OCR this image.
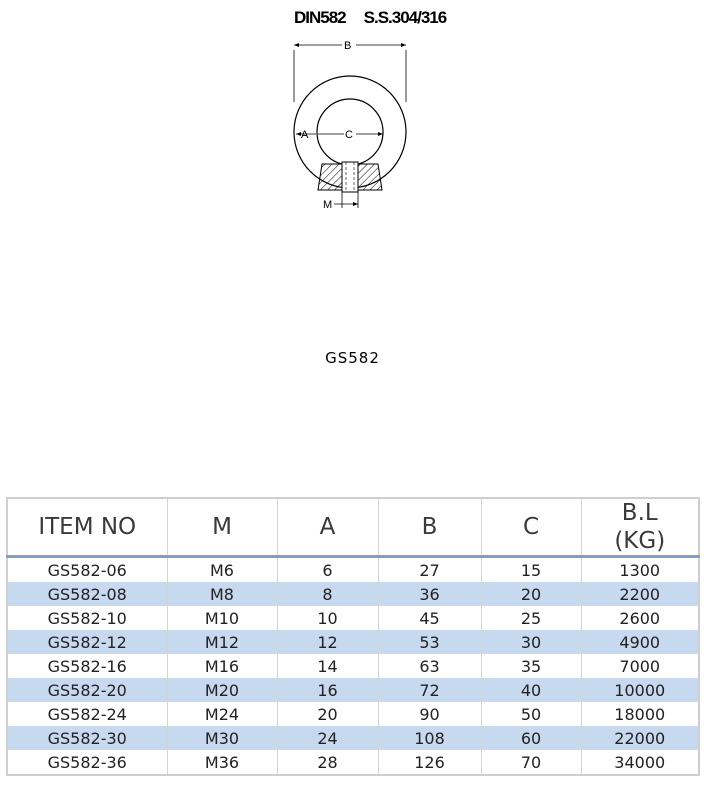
DIN582 S.S.304/316
B
A	C
M
GS582
ITEM NO	M	A	B	C	B.L
(KG)
GS582-06	M6	6	27	15	1300
GS582-08	M8	8	36	20	2200
GS582-10	M10	10	45	25	2600
GS582-12	M12	12	53	30	4900
GS582-16	M16	14	63	35	7000
GS582-20	M20	16	72	40	10000
GS582-24	M24	20	90	50	18000
GS582-30	M30	24	108	60	22000
GS582-36	M36	28	126	70	34000
